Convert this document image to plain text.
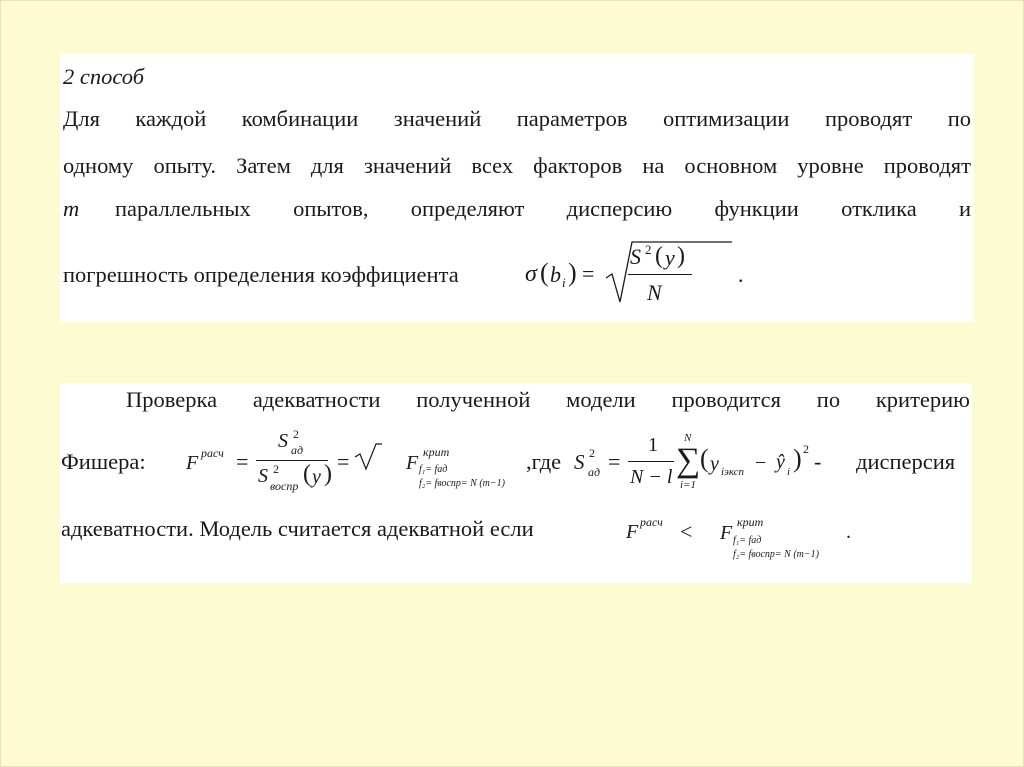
2 способ
Для каждой комбинации значений параметров оптимизации проводят по
одному опыту. Затем для значений всех факторов на основном уровне проводят
m параллельных опытов, определяют дисперсию функции отклика и
погрешность определения коэффициента	σ ( b i ) =
S 2 ( y )
N
.
Проверка адекватности полученной модели проводится по критерию
Фишера: F расч =
S 2
ад
S 2
воспр ( y ) =	F крит
f₁= fад
f₂= fвоспр= N (m−1)
,где S 2
ад =
1
N − l
N
∑
i=1
( y iэксп − ŷ i ) 2 - дисперсия
адкеватности. Модель считается адекватной если	F расч < F крит
f₁= fад
f₂= fвоспр= N (m−1)
.
